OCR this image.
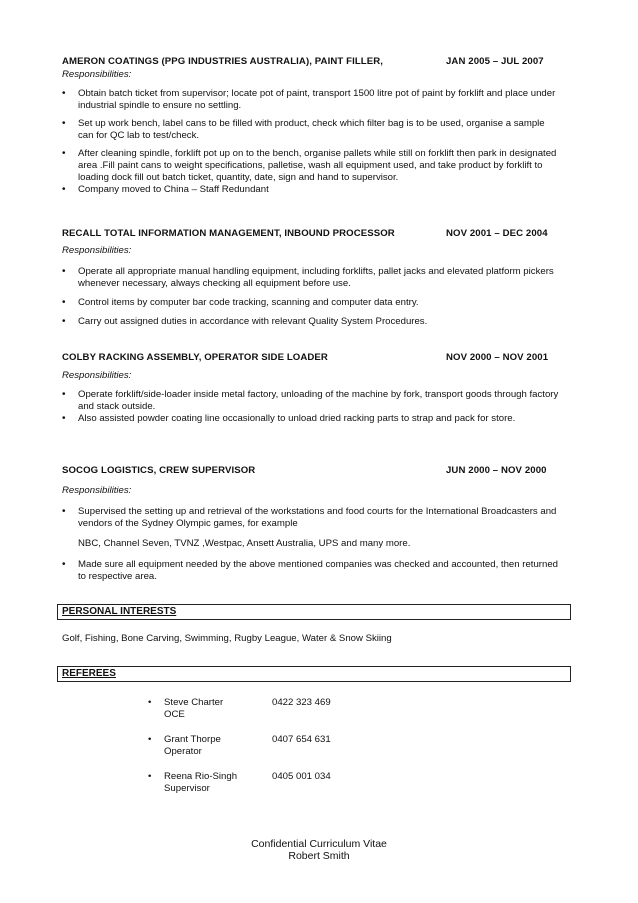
AMERON COATINGS (PPG INDUSTRIES AUSTRALIA), PAINT FILLER,	JAN 2005 – JUL 2007
Responsibilities:
• Obtain batch ticket from supervisor; locate pot of paint, transport 1500 litre pot of paint by forklift and place under industrial spindle to ensure no settling.
• Set up work bench, label cans to be filled with product, check which filter bag is to be used, organise a sample can for QC lab to test/check.
• After cleaning spindle, forklift pot up on to the bench, organise pallets while still on forklift then park in designated area .Fill paint cans to weight specifications, palletise, wash all equipment used, and take product by forklift to loading dock fill out batch ticket, quantity, date, sign and hand to supervisor.
• Company moved to China – Staff Redundant
RECALL TOTAL INFORMATION MANAGEMENT, INBOUND PROCESSOR	NOV 2001 – DEC 2004
Responsibilities:
• Operate all appropriate manual handling equipment, including forklifts, pallet jacks and elevated platform pickers whenever necessary, always checking all equipment before use.
• Control items by computer bar code tracking, scanning and computer data entry.
• Carry out assigned duties in accordance with relevant Quality System Procedures.
COLBY RACKING ASSEMBLY, OPERATOR SIDE LOADER	NOV 2000 – NOV 2001
Responsibilities:
• Operate forklift/side-loader inside metal factory, unloading of the machine by fork, transport goods through factory and stack outside.
• Also assisted powder coating line occasionally to unload dried racking parts to strap and pack for store.
SOCOG LOGISTICS, CREW SUPERVISOR	JUN 2000 – NOV 2000
Responsibilities:
• Supervised the setting up and retrieval of the workstations and food courts for the International Broadcasters and vendors of the Sydney Olympic games, for example
NBC, Channel Seven, TVNZ ,Westpac, Ansett Australia, UPS and many more.
• Made sure all equipment needed by the above mentioned companies was checked and accounted, then returned to respective area.
PERSONAL INTERESTS
Golf, Fishing, Bone Carving, Swimming, Rugby League, Water & Snow Skiing
REFEREES
• Steve Charter
OCE
0422 323 469
• Grant Thorpe
Operator
0407 654 631
• Reena Rio-Singh
Supervisor
0405 001 034
Confidential Curriculum Vitae
Robert Smith
